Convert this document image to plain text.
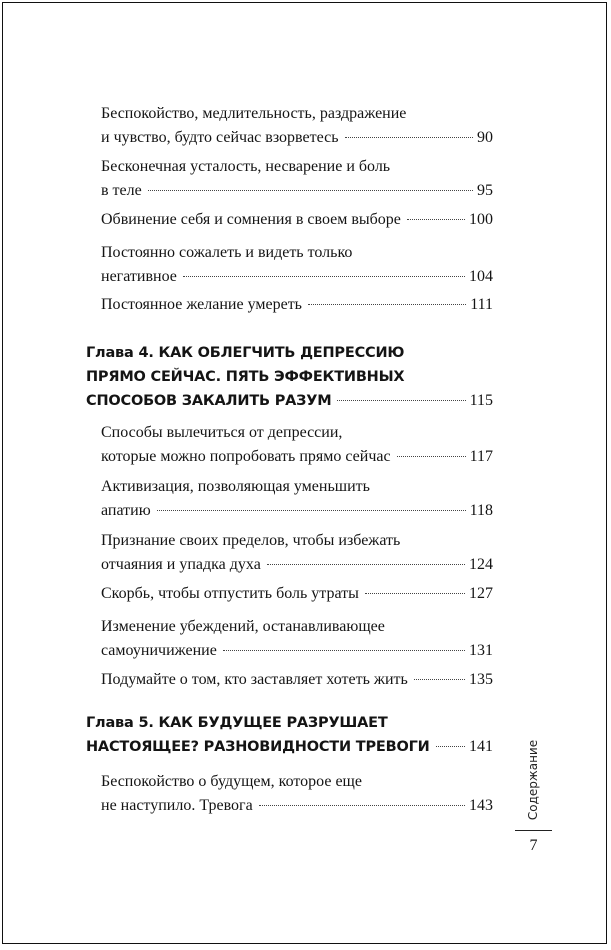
Беспокойство, медлительность, раздражение
и чувство, будто сейчас взорветесь	90
Бесконечная усталость, несварение и боль
в теле	95
Обвинение себя и сомнения в своем выборе	100
Постоянно сожалеть и видеть только
негативное	104
Постоянное желание умереть	111
Глава 4. КАК ОБЛЕГЧИТЬ ДЕПРЕССИЮ
ПРЯМО СЕЙЧАС. ПЯТЬ ЭФФЕКТИВНЫХ
СПОСОБОВ ЗАКАЛИТЬ РАЗУМ	115
Способы вылечиться от депрессии,
которые можно попробовать прямо сейчас	117
Активизация, позволяющая уменьшить
апатию	118
Признание своих пределов, чтобы избежать
отчаяния и упадка духа	124
Скорбь, чтобы отпустить боль утраты	127
Изменение убеждений, останавливающее
самоуничижение	131
Подумайте о том, кто заставляет хотеть жить	135
Глава 5. КАК БУДУЩЕЕ РАЗРУШАЕТ
НАСТОЯЩЕЕ? РАЗНОВИДНОСТИ ТРЕВОГИ 141
Беспокойство о будущем, которое еще
не наступило. Тревога	143	Содержание
7
